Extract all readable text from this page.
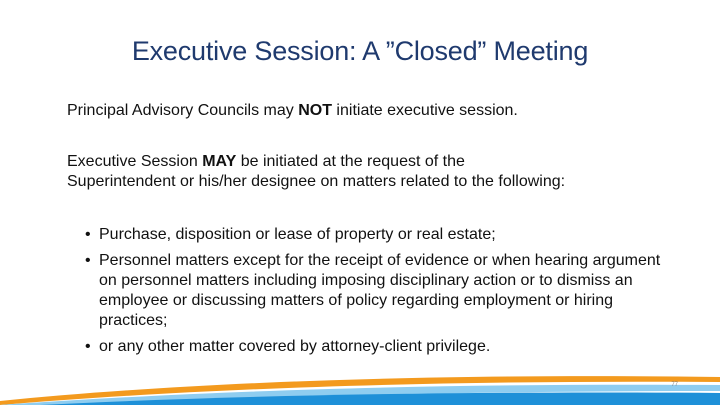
Executive Session: A ”Closed” Meeting
Principal Advisory Councils may NOT initiate executive session.
Executive Session MAY be initiated at the request of the Superintendent or his/her designee on matters related to the following:
• Purchase, disposition or lease of property or real estate;
• Personnel matters except for the receipt of evidence or when hearing argument on personnel matters including imposing disciplinary action or to dismiss an employee or discussing matters of policy regarding employment or hiring practices;
• or any other matter covered by attorney-client privilege.
77
